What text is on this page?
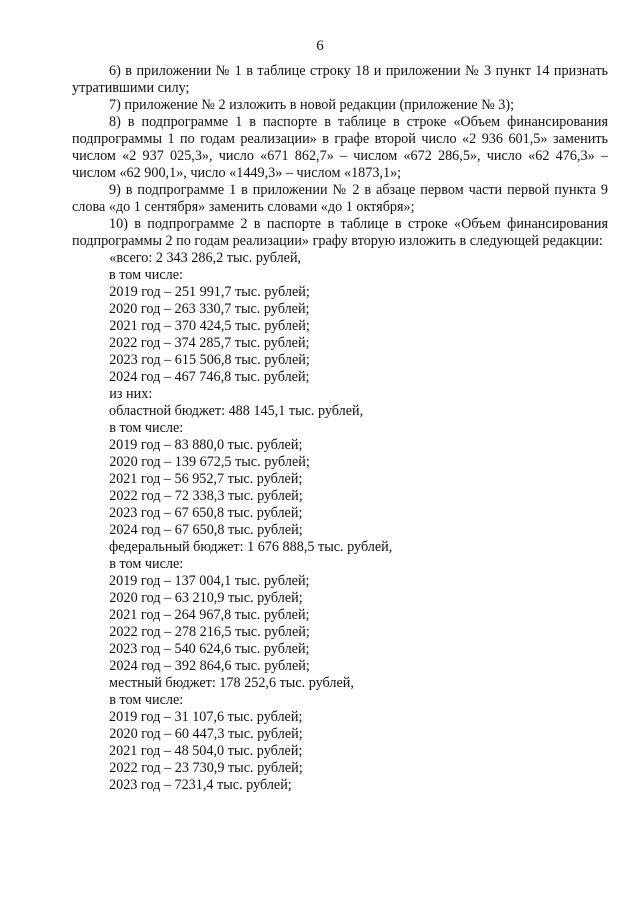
6

6) в приложении № 1 в таблице строку 18 и приложении № 3 пункт 14 признать утратившими силу;

7) приложение № 2 изложить в новой редакции (приложение № 3);

8) в подпрограмме 1 в паспорте в таблице в строке «Объем финансирования подпрограммы 1 по годам реализации» в графе второй число «2 936 601,5» заменить числом «2 937 025,3», число «671 862,7» – числом «672 286,5», число «62 476,3» – числом «62 900,1», число «1449,3» – числом «1873,1»;

9) в подпрограмме 1 в приложении № 2 в абзаце первом части первой пункта 9 слова «до 1 сентября» заменить словами «до 1 октября»;

10) в подпрограмме 2 в паспорте в таблице в строке «Объем финансирования подпрограммы 2 по годам реализации» графу вторую изложить в следующей редакции:

«всего: 2 343 286,2 тыс. рублей,

в том числе:

2019 год – 251 991,7 тыс. рублей;

2020 год – 263 330,7 тыс. рублей;

2021 год – 370 424,5 тыс. рублей;

2022 год – 374 285,7 тыс. рублей;

2023 год – 615 506,8 тыс. рублей;

2024 год – 467 746,8 тыс. рублей;

из них:

областной бюджет: 488 145,1 тыс. рублей,

в том числе:

2019 год – 83 880,0 тыс. рублей;

2020 год – 139 672,5 тыс. рублей;

2021 год – 56 952,7 тыс. рублей;

2022 год – 72 338,3 тыс. рублей;

2023 год – 67 650,8 тыс. рублей;

2024 год – 67 650,8 тыс. рублей;

федеральный бюджет: 1 676 888,5 тыс. рублей,

в том числе:

2019 год – 137 004,1 тыс. рублей;

2020 год – 63 210,9 тыс. рублей;

2021 год – 264 967,8 тыс. рублей;

2022 год – 278 216,5 тыс. рублей;

2023 год – 540 624,6 тыс. рублей;

2024 год – 392 864,6 тыс. рублей;

местный бюджет: 178 252,6 тыс. рублей,

в том числе:

2019 год – 31 107,6 тыс. рублей;

2020 год – 60 447,3 тыс. рублей;

2021 год – 48 504,0 тыс. рублей;

2022 год – 23 730,9 тыс. рублей;

2023 год – 7231,4 тыс. рублей;
